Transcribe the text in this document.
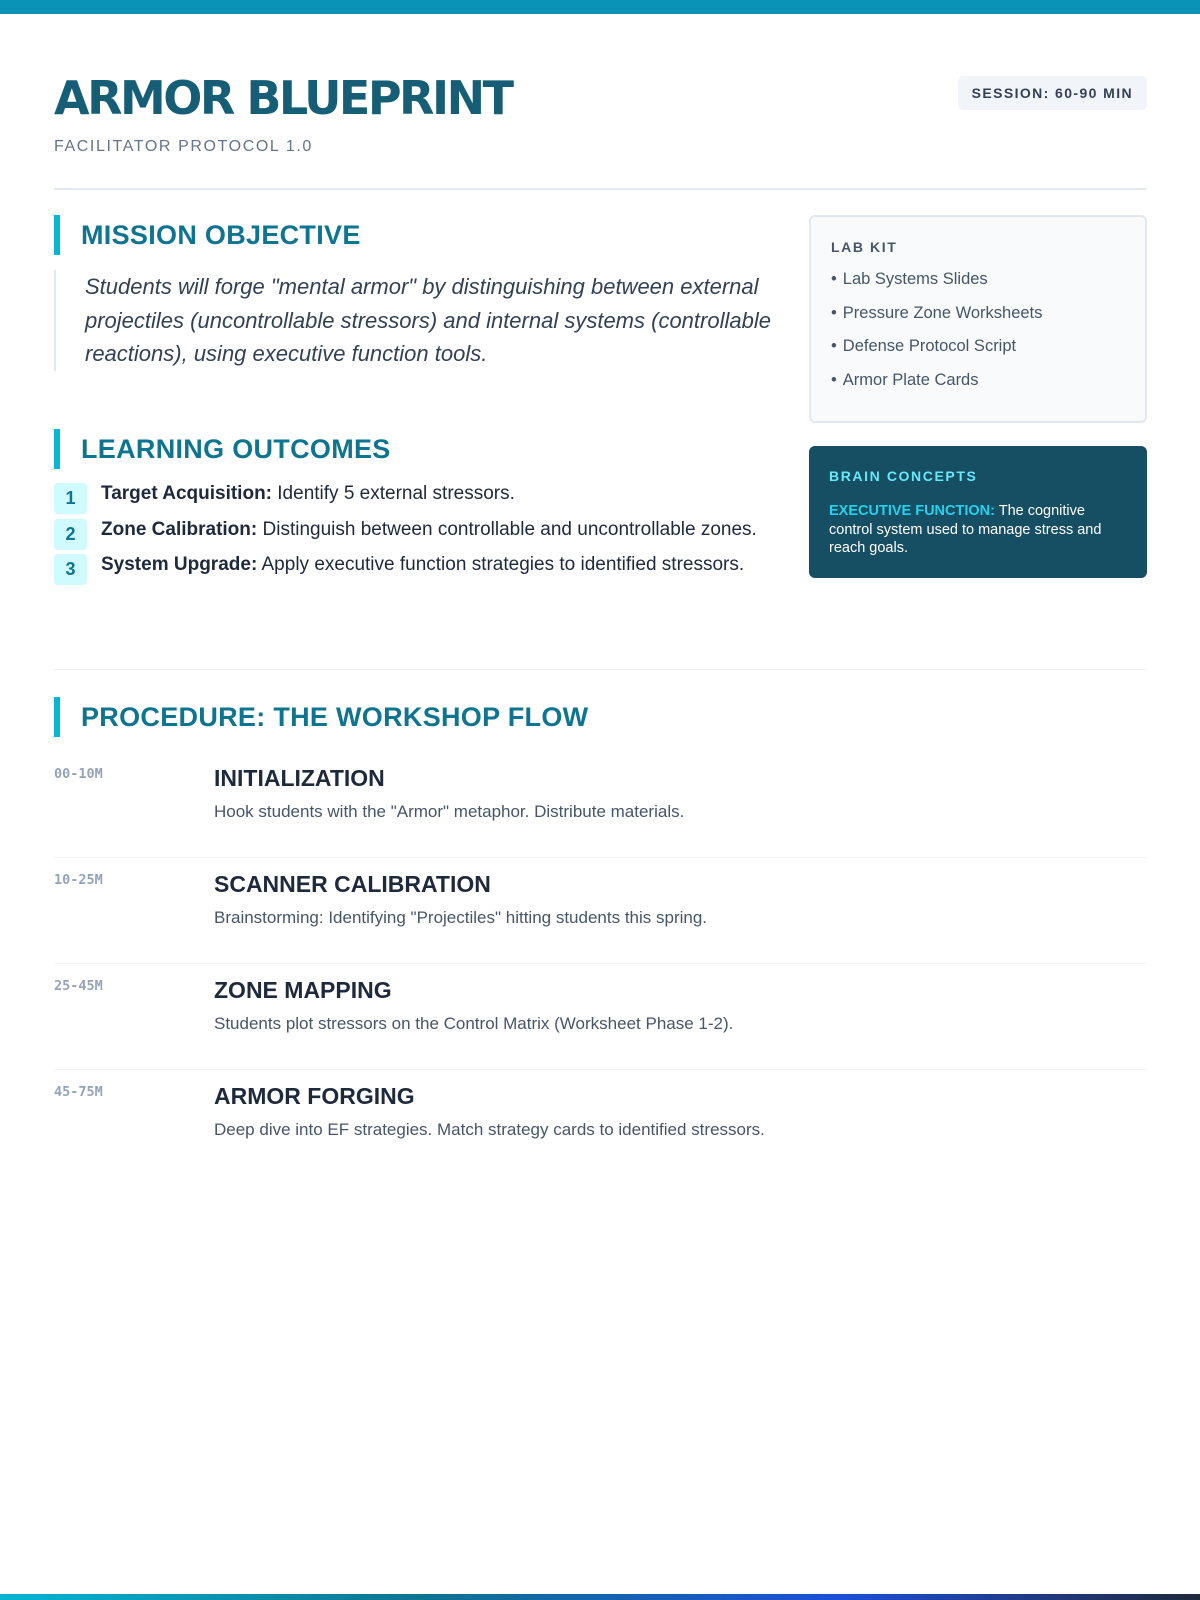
ARMOR BLUEPRINT
FACILITATOR PROTOCOL 1.0
SESSION: 60-90 MIN
MISSION OBJECTIVE
Students will forge "mental armor" by distinguishing between external projectiles (uncontrollable stressors) and internal systems (controllable reactions), using executive function tools.
LEARNING OUTCOMES
1	Target Acquisition: Identify 5 external stressors.
2	Zone Calibration: Distinguish between controllable and uncontrollable zones.
3	System Upgrade: Apply executive function strategies to identified stressors.
LAB KIT
• Lab Systems Slides
• Pressure Zone Worksheets
• Defense Protocol Script
• Armor Plate Cards
BRAIN CONCEPTS
EXECUTIVE FUNCTION: The cognitive control system used to manage stress and reach goals.
PROCEDURE: THE WORKSHOP FLOW
00-10M	INITIALIZATION
Hook students with the "Armor" metaphor. Distribute materials.
10-25M	SCANNER CALIBRATION
Brainstorming: Identifying "Projectiles" hitting students this spring.
25-45M	ZONE MAPPING
Students plot stressors on the Control Matrix (Worksheet Phase 1-2).
45-75M	ARMOR FORGING
Deep dive into EF strategies. Match strategy cards to identified stressors.
